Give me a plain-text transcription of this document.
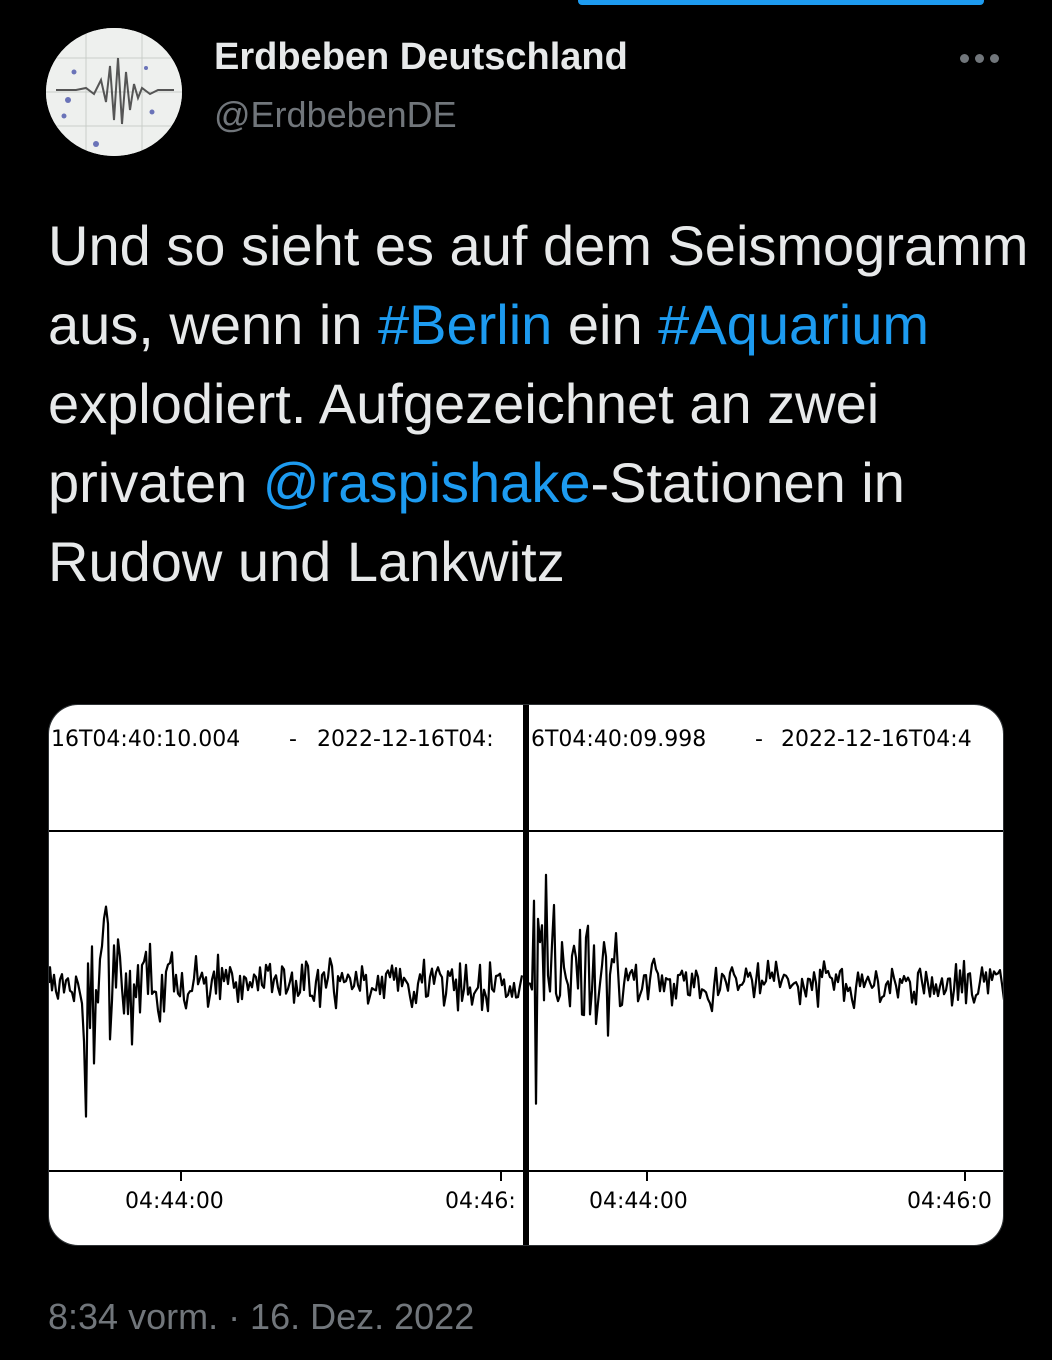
Erdbeben Deutschland
@ErdbebenDE
Und so sieht es auf dem Seismogramm aus, wenn in #Berlin ein #Aquarium explodiert. Aufgezeichnet an zwei privaten @raspishake-Stationen in Rudow und Lankwitz
16T04:40:10.004 - 2022-12-16T04:
04:44:00	04:46:
6T04:40:09.998 - 2022-12-16T04:4
04:44:00	04:46:0
8:34 vorm. · 16. Dez. 2022
